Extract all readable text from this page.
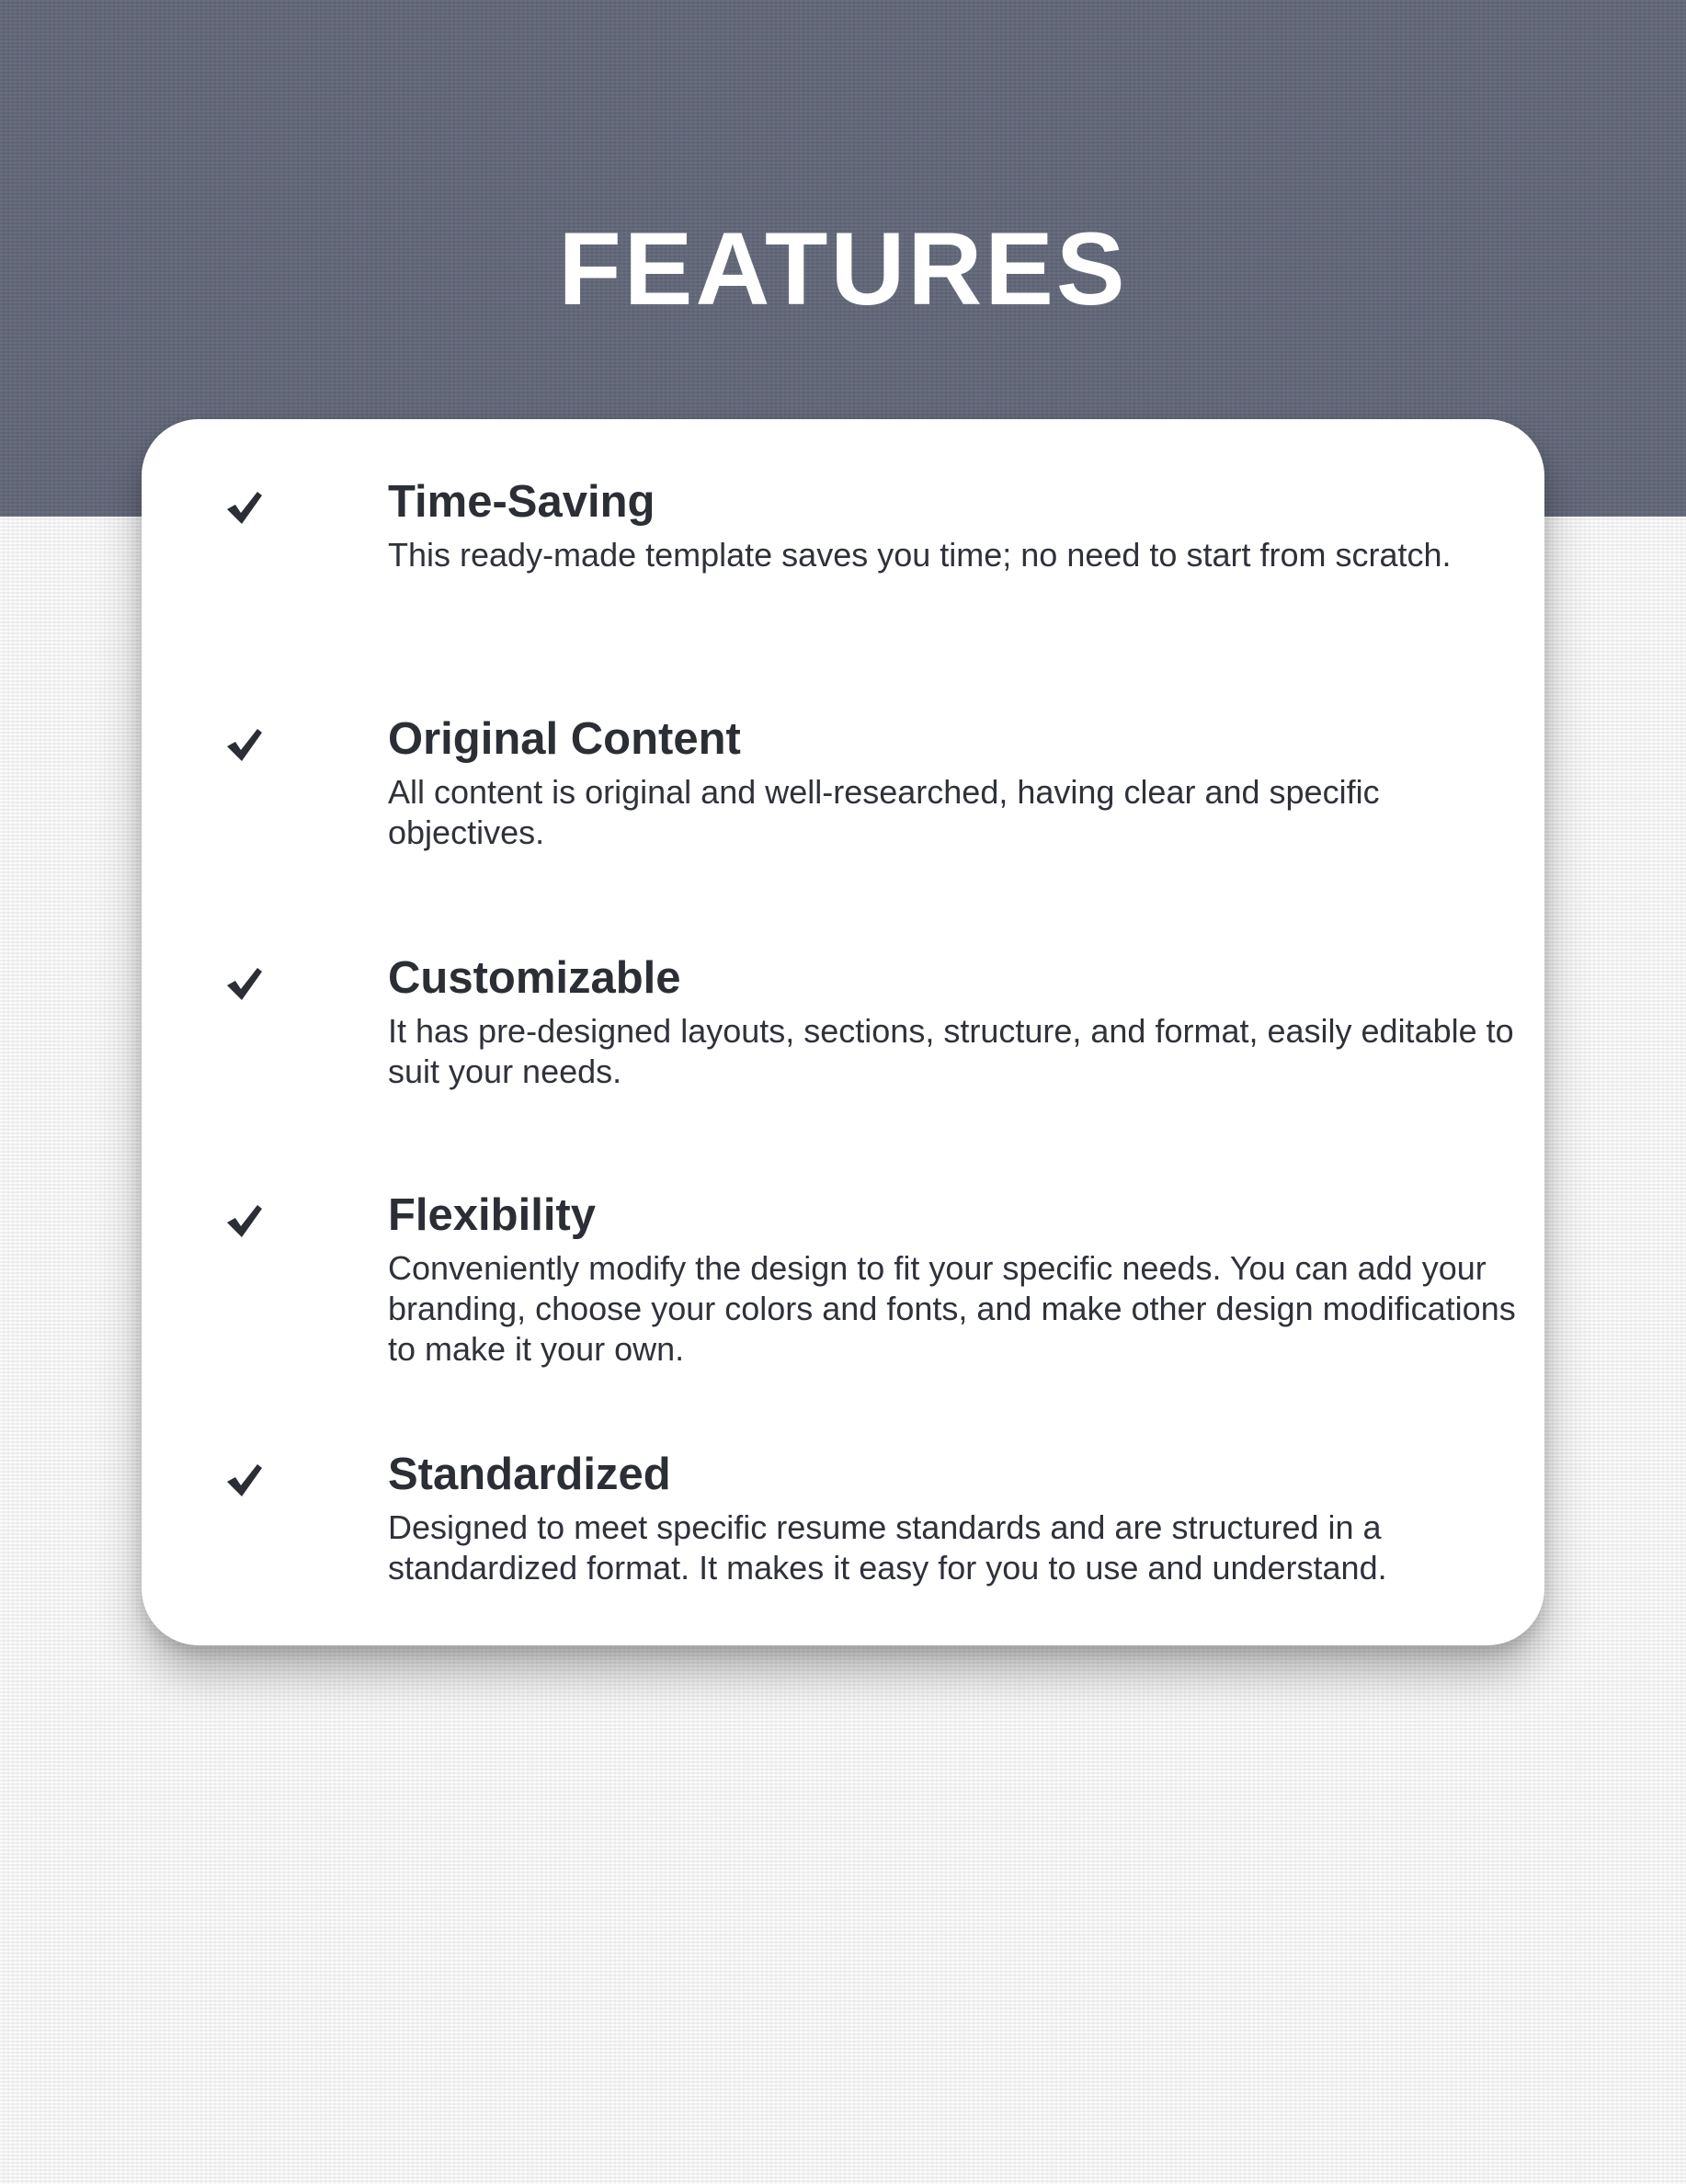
FEATURES
Time-Saving
This ready-made template saves you time; no need to start from scratch.
Original Content
All content is original and well-researched, having clear and specific objectives.
Customizable
It has pre-designed layouts, sections, structure, and format, easily editable to suit your needs.
Flexibility
Conveniently modify the design to fit your specific needs. You can add your branding, choose your colors and fonts, and make other design modifications to make it your own.
Standardized
Designed to meet specific resume standards and are structured in a standardized format. It makes it easy for you to use and understand.
